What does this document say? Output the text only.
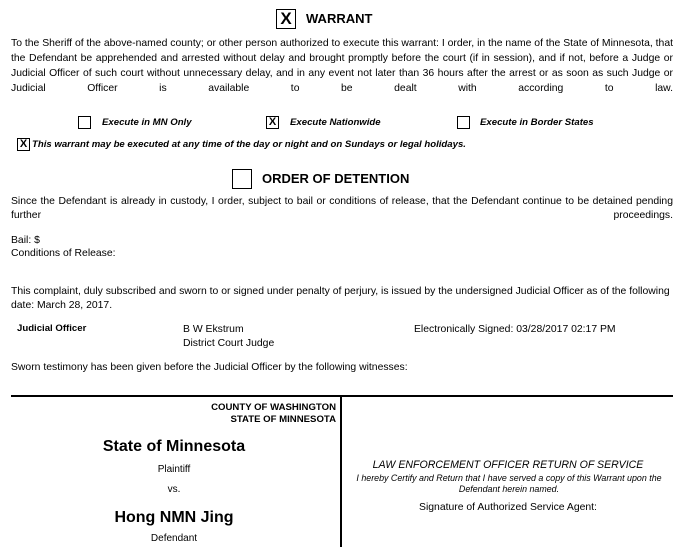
X	WARRANT
To the Sheriff of the above-named county; or other person authorized to execute this warrant: I order, in the name of the State of Minnesota, that the Defendant be apprehended and arrested without delay and brought promptly before the court (if in session), and if not, before a Judge or Judicial Officer of such court without unnecessary delay, and in any event not later than 36 hours after the arrest or as soon as such Judge or Judicial Officer is available to be dealt with according to law.
Execute in MN Only	X Execute Nationwide	Execute in Border States
X This warrant may be executed at any time of the day or night and on Sundays or legal holidays.
ORDER OF DETENTION
Since the Defendant is already in custody, I order, subject to bail or conditions of release, that the Defendant continue to be detained pending further proceedings.
Bail: $
Conditions of Release:
This complaint, duly subscribed and sworn to or signed under penalty of perjury, is issued by the undersigned Judicial Officer as of the following date: March 28, 2017.
Judicial Officer	B W Ekstrum
District Court Judge
Electronically Signed: 03/28/2017 02:17 PM
Sworn testimony has been given before the Judicial Officer by the following witnesses:
COUNTY OF WASHINGTON
STATE OF MINNESOTA
State of Minnesota
Plaintiff
vs.
Hong NMN Jing
Defendant
LAW ENFORCEMENT OFFICER RETURN OF SERVICE
I hereby Certify and Return that I have served a copy of this Warrant upon the Defendant herein named.
Signature of Authorized Service Agent:
